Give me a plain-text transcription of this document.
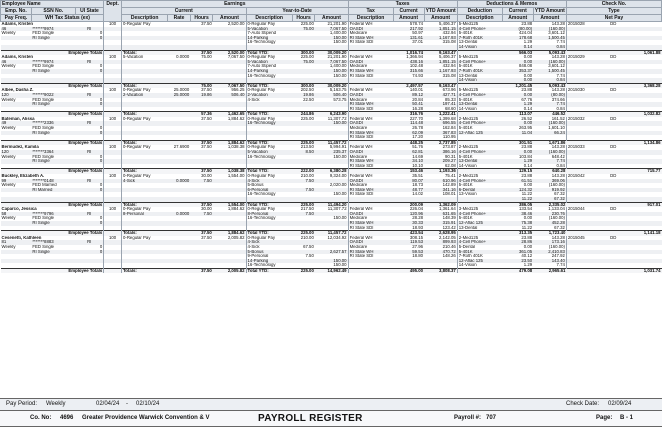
Employee Name			Dept.	Earnings							Taxes			Deductions & Memos			Check No.		
Emp. No.	SSN No.	UI State		Current				Year-to-Date			Tax	Current	YTD Amount	Deduction	Current	YTD Amount	Type		
Pay Freq.	WH Tax Status (ex)			Description	Rate	Hours	Amount	Description	Hours	Amount	Description	Amount	Amount	Description	Amount	Amount	Net Pay		
Adams, Kristen			100	0-Regular Pay		37.50	2,520.00	0-Regular Pay	225.00	21,201.90	Federal WH	578.74	5,406.37	5-Med125	23.88	143.28	2015028	DD	
46	*******9974	RI						5-Vacation	75.00	7,067.50	OASDI	217.92	1,851.15	4-Cell Phone+	(80.00)	(160.00)			
Weekly	FED Single	0						7-Auto Stipend		1,400.00	Medicare	50.97	432.94	5-401K	424.04	3,601.12			
	RI Single	0						14-Parking		150.00	RI State WH	131.61	1,167.93	7-Roth 401K	178.68	1,500.45			
								16-Technology		150.00	RI State SDI	37.01	315.08	13-Dental	1.29	7.74			
														14-Vision	0.14	0.84			
Employee Totals				Totals:		37.50	2,520.00	Total YTD:	300.00	30,009.20		1,016.74	9,163.47		566.03	5,093.43	1,061.88		
Adams, Kristen			100	5-Vacation	0.0000	75.00	7,067.50	0-Regular Pay	225.00	21,201.90	Federal WH	1,366.94	5,406.37	5-Med125	0.00	143.28	2015029	DD	
46	*******9974	RI						5-Vacation	75.00	7,067.50	OASDI	438.16	1,851.15	4-Cell Phone+	0.00	(160.00)			
Weekly	FED Single	0						7-Auto Stipend		1,400.00	Medicare	102.48	432.94	5-401K	848.08	3,601.12			
	RI Single	0						14-Parking		150.00	RI State WH	315.66	1,167.93	7-Roth 401K	353.37	1,500.45			
								16-Technology		150.00	RI State SDI	74.93	315.08	13-Dental	0.00	7.74			
														14-Vision	0.00	0.84			
Employee Totals				Totals:		75.00	7,067.50	Total YTD:	300.00	30,009.20		2,497.57	9,163.47		1,201.45	5,093.43	3,368.28		
Albee, Dasha Z.			100	0-Regular Pay	25.0000	37.50	956.25	0-Regular Pay	202.50	5,163.75	Federal WH	140.01	673.96	5-Med125	23.88	143.28	2015030	DD	
120	*******9022	RI		2-Vacation	25.0000	19.86	506.40	2-Vacation	19.86	506.40	OASDI	89.12	427.71	4-Cell Phone+	0.00	(80.00)			
Weekly	FED Single	0						4-Sick	22.50	573.75	Medicare	20.84	85.33	5-401K	67.76	374.66			
	RI Single	0									RI State WH	50.41	197.41	13-Dental	1.29	7.74			
											RI State SDI	16.28	68.60	14-Vision	0.14	0.84			
Employee Totals				Totals:		57.36	1,462.65	Total YTD:	244.86	6,243.90		316.76	1,222.41		113.07	446.52	1,032.82		
Bateman, Alissa			100	0-Regular Pay		37.50	1,884.62	0-Regular Pay	225.00	11,307.72	Federal WH	227.70	1,399.68	2-Med125	26.52	161.52	2015032	DD	
49	*******2336	RI						16-Technology		150.00	OASDI	114.48	696.55	4-Cell Phone+	0.00	(160.00)			
Weekly	FED Single	0									Medicare	26.78	162.84	5-401K	263.95	1,601.10			
	RI Single	0									RI State WH	62.09	367.83	12-Aflac 125	11.04	66.24			
											RI State SDI	17.20	110.95						
Employee Totals				Totals:		37.50	1,884.62	Total YTD:	225.00	11,457.72		448.25	2,737.85		301.51	1,671.86	1,134.86		
Bermudez, Kamila			100	0-Regular Pay	27.6900	37.50	1,038.38	0-Regular Pay	213.50	5,994.91	Federal WH	51.76	273.87	2-Med125	23.88	143.28	2015033	DD	
120	*******3364	RI						5-Vacation	8.50	235.37	OASDI	62.81	386.16	4-Cell Phone+	0.00	(160.00)			
Weekly	FED Single	0						16-Technology		150.00	Medicare	14.69	90.31	5-401K	103.84	648.42			
	RI Single	0									RI State WH	34.10	209.27	13-Dental	1.29	7.74			
											RI State SDI	10.10	62.08	14-Vision	0.14	0.84			
Employee Totals				Totals:		37.50	1,038.38	Total YTD:	222.00	6,380.28		153.46	1,193.36		129.15	640.28	715.77		
Buckley, Elizabeth A.			100	0-Regular Pay		30.00	1,554.00	0-Regular Pay	210.00	9,324.00	Federal WH	35.51	75.41	2-Med125	23.88	143.28	2015042	DD	
99	*******0148	RI		4-Sick	0.0000	7.50		4-Sick	7.50		OASDI	80.07	610.96	4-Cell Phone+	61.51	369.06			
Weekly	FED Married	0						5-Bonus		2,020.00	Medicare	18.73	142.89	5-401K	0.00	(160.00)			
	RI Married	0						6-Personal	7.50		RI State WH	48.77	341.16	6-Dental	124.32	919.92			
								16-Technology		150.00	RI State SDI	14.02	108.01	13-Vision	11.22	67.32			
															11.22	67.32			
Employee Totals				Totals:		37.50	1,554.00	Total YTD:	225.00	11,494.20		200.09	1,362.09		386.05	2,335.02	917.01		
Caparco, Jessica			100	0-Regular Pay		30.00	1,884.62	0-Regular Pay	217.50	11,307.72	Federal WH	226.04	1,361.64	3-Med125	133.54	1,133.04	2015044	DD	
58	*******9796	RI		8-Personal	0.0000	7.50		8-Personal	7.50		OASDI	120.96	631.65	4-Cell Phone+	38.46	230.76			
Weekly	FED Single	0						16-Technology		150.00	Medicare	28.28	148.39	5-401K	0.00	(160.00)			
	RI Single	0									RI State WH	30.33	315.91	12-Aflac 125	75.38	452.28			
											RI State SDI	18.93	123.42	13-Dental	11.22	67.32			
Employee Totals				Totals:		37.50	1,884.62	Total YTD:	225.00	11,457.72		423.54	2,628.95		313.35	1,723.40	1,141.18		
Cesenetti, Kathleen			100	0-Regular Pay		37.50	2,005.82	0-Regular Pay	210.00	12,034.92	Federal WH	308.15	2,142.05	2-Med125	23.88	143.28	2015045	DD	
81	*******8883	RI						4-Sick			OASDI	119.53	899.93	4-Cell Phone+	28.86	173.16			
Weekly	FED Single	0						4-Sick	67.50		Medicare	27.96	210.46	5-Dental	0.00	(160.00)			
	RI Single	0						5-Bonus		2,627.57	RI State WH	59.53	470.72	5-401K	361.05	2,410.83			
								9-Personal	7.50		RI State SDI	18.80	148.26	7-Roth 401K	40.12	247.92			
								14-Parking		150.00				12-Aflac 125	23.50	143.40			
								16-Technology		150.00				14-Vision	1.29	7.74			
Employee Totals				Totals:		37.50	2,005.82	Total YTD:	225.00	14,962.49		495.00	3,808.37		479.08	2,965.61	1,031.74		
Pay Period: Weekly	02/04/24 - 02/10/24	Check Date: 02/09/24
Co. No: 4696 Greater Providence Warwick Convention & V	PAYROLL REGISTER	Payroll #: 707	Page: B - 1
